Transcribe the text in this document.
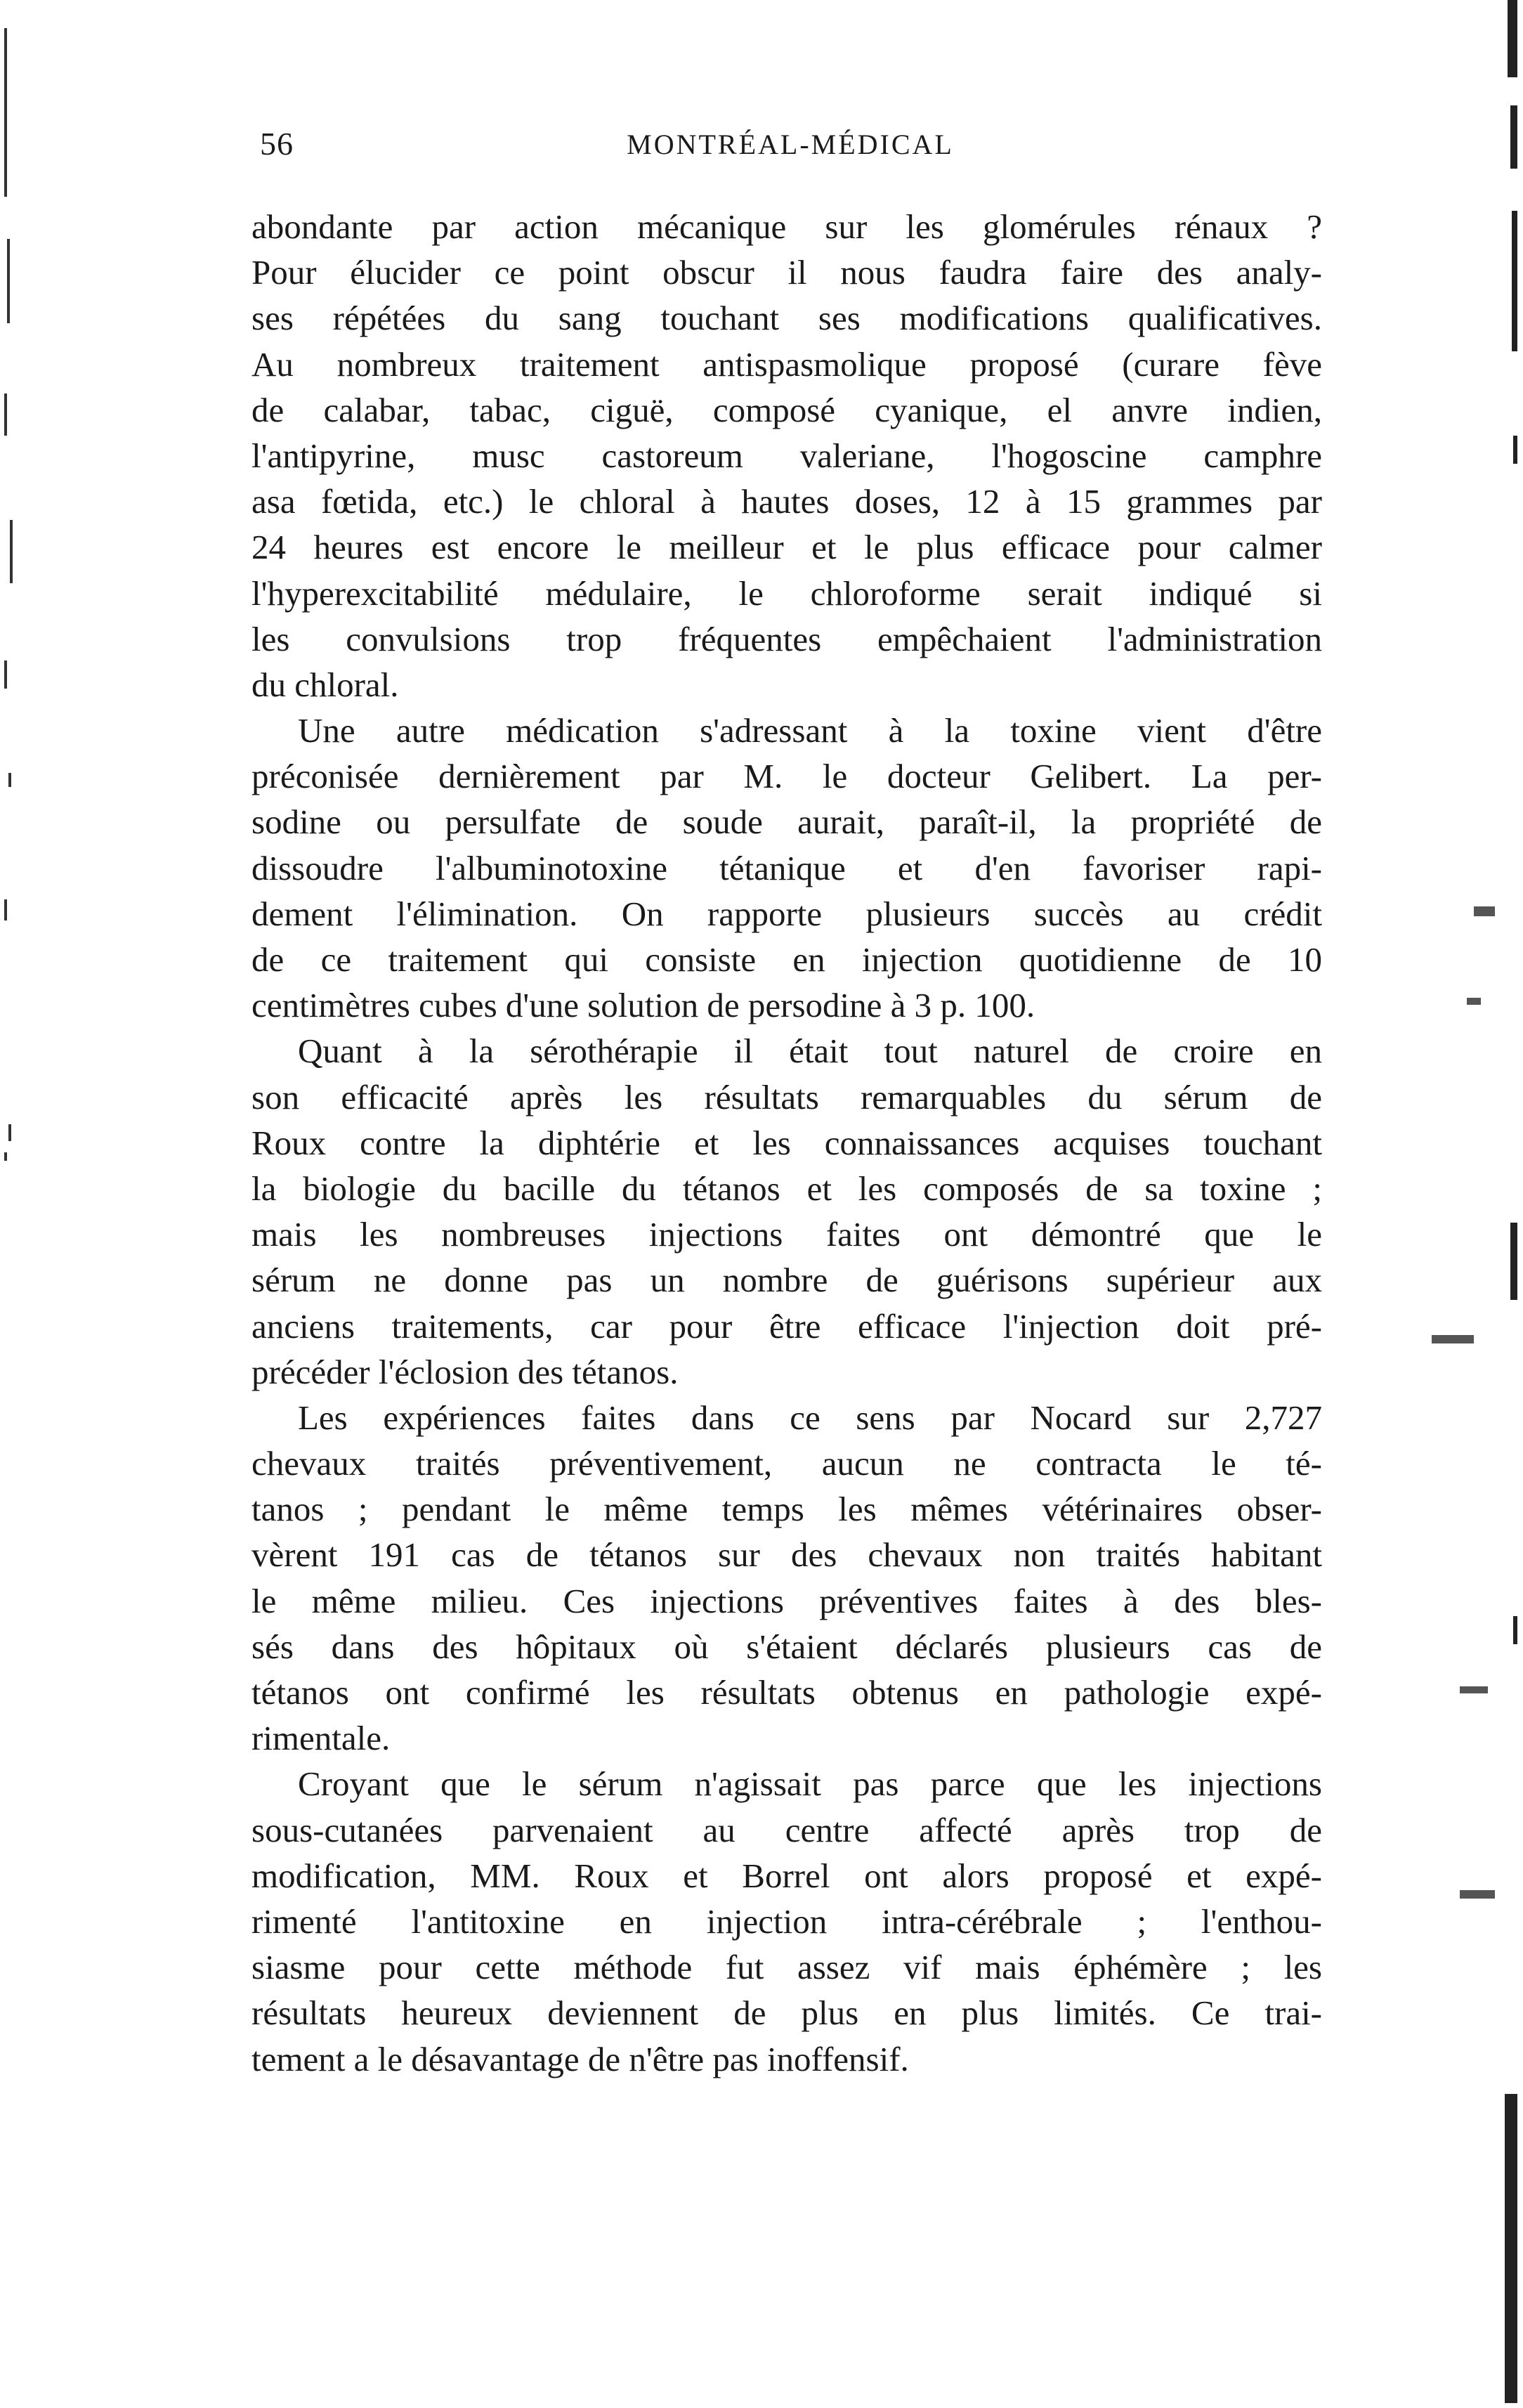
56	MONTRÉAL-MÉDICAL
abondante par action mécanique sur les glomérules rénaux ?
Pour élucider ce point obscur il nous faudra faire des analy-
ses répétées du sang touchant ses modifications qualificatives.
Au nombreux traitement antispasmolique proposé (curare fève
de calabar, tabac, ciguë, composé cyanique, el anvre indien,
l'antipyrine, musc castoreum valeriane, l'hogoscine camphre
asa fœtida, etc.) le chloral à hautes doses, 12 à 15 grammes par
24 heures est encore le meilleur et le plus efficace pour calmer
l'hyperexcitabilité médulaire, le chloroforme serait indiqué si
les convulsions trop fréquentes empêchaient l'administration
du chloral.
Une autre médication s'adressant à la toxine vient d'être
préconisée dernièrement par M. le docteur Gelibert. La per-
sodine ou persulfate de soude aurait, paraît-il, la propriété de
dissoudre l'albuminotoxine tétanique et d'en favoriser rapi-
dement l'élimination. On rapporte plusieurs succès au crédit
de ce traitement qui consiste en injection quotidienne de 10
centimètres cubes d'une solution de persodine à 3 p. 100.
Quant à la sérothérapie il était tout naturel de croire en
son efficacité après les résultats remarquables du sérum de
Roux contre la diphtérie et les connaissances acquises touchant
la biologie du bacille du tétanos et les composés de sa toxine ;
mais les nombreuses injections faites ont démontré que le
sérum ne donne pas un nombre de guérisons supérieur aux
anciens traitements, car pour être efficace l'injection doit pré-
précéder l'éclosion des tétanos.
Les expériences faites dans ce sens par Nocard sur 2,727
chevaux traités préventivement, aucun ne contracta le té-
tanos ; pendant le même temps les mêmes vétérinaires obser-
vèrent 191 cas de tétanos sur des chevaux non traités habitant
le même milieu. Ces injections préventives faites à des bles-
sés dans des hôpitaux où s'étaient déclarés plusieurs cas de
tétanos ont confirmé les résultats obtenus en pathologie expé-
rimentale.
Croyant que le sérum n'agissait pas parce que les injections
sous-cutanées parvenaient au centre affecté après trop de
modification, MM. Roux et Borrel ont alors proposé et expé-
rimenté l'antitoxine en injection intra-cérébrale ; l'enthou-
siasme pour cette méthode fut assez vif mais éphémère ; les
résultats heureux deviennent de plus en plus limités. Ce trai-
tement a le désavantage de n'être pas inoffensif.
